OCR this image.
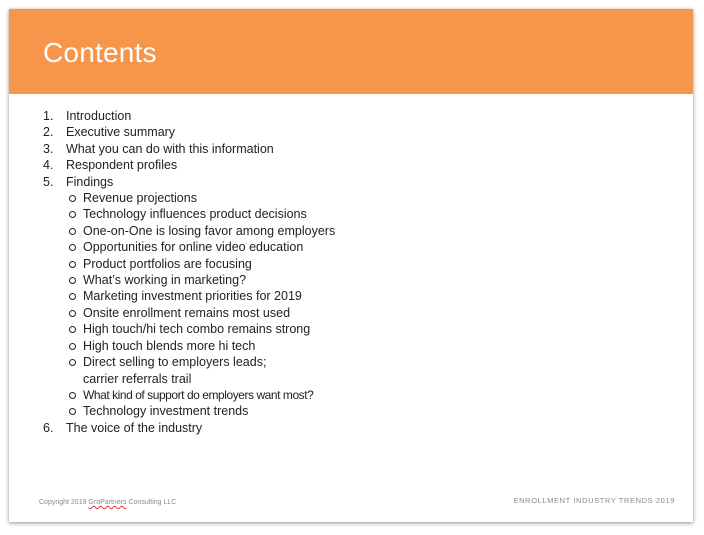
Contents
1. Introduction
2. Executive summary
3. What you can do with this information
4. Respondent profiles
5. Findings
Revenue projections
Technology influences product decisions
One-on-One is losing favor among employers
Opportunities for online video education
Product portfolios are focusing
What’s working in marketing?
Marketing investment priorities for 2019
Onsite enrollment remains most used
High touch/hi tech combo remains strong
High touch blends more hi tech
Direct selling to employers leads;
carrier referrals trail
What kind of support do employers want most?
Technology investment trends
6. The voice of the industry
Copyright 2019 GroPartners Consulting LLC	ENROLLMENT INDUSTRY TRENDS 2019
